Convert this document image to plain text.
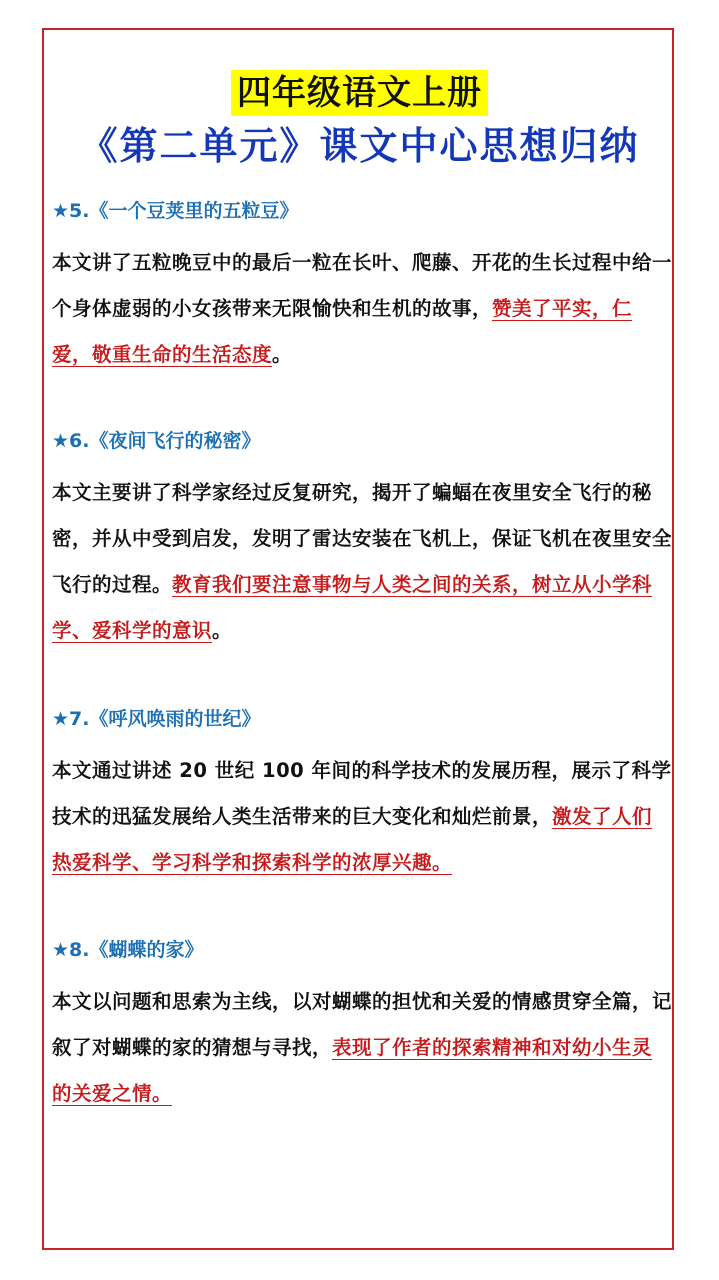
四年级语文上册
《第二单元》课文中心思想归纳
★5.《一个豆荚里的五粒豆》
本文讲了五粒晚豆中的最后一粒在长叶、爬藤、开花的生长过程中给一个身体虚弱的小女孩带来无限愉快和生机的故事，赞美了平实，仁爱，敬重生命的生活态度。
★6.《夜间飞行的秘密》
本文主要讲了科学家经过反复研究，揭开了蝙蝠在夜里安全飞行的秘密，并从中受到启发，发明了雷达安装在飞机上，保证飞机在夜里安全飞行的过程。教育我们要注意事物与人类之间的关系，树立从小学科学、爱科学的意识。
★7.《呼风唤雨的世纪》
本文通过讲述 20 世纪 100 年间的科学技术的发展历程，展示了科学技术的迅猛发展给人类生活带来的巨大变化和灿烂前景，激发了人们热爱科学、学习科学和探索科学的浓厚兴趣。
★8.《蝴蝶的家》
本文以问题和思索为主线，以对蝴蝶的担忧和关爱的情感贯穿全篇，记叙了对蝴蝶的家的猜想与寻找，表现了作者的探索精神和对幼小生灵的关爱之情。
